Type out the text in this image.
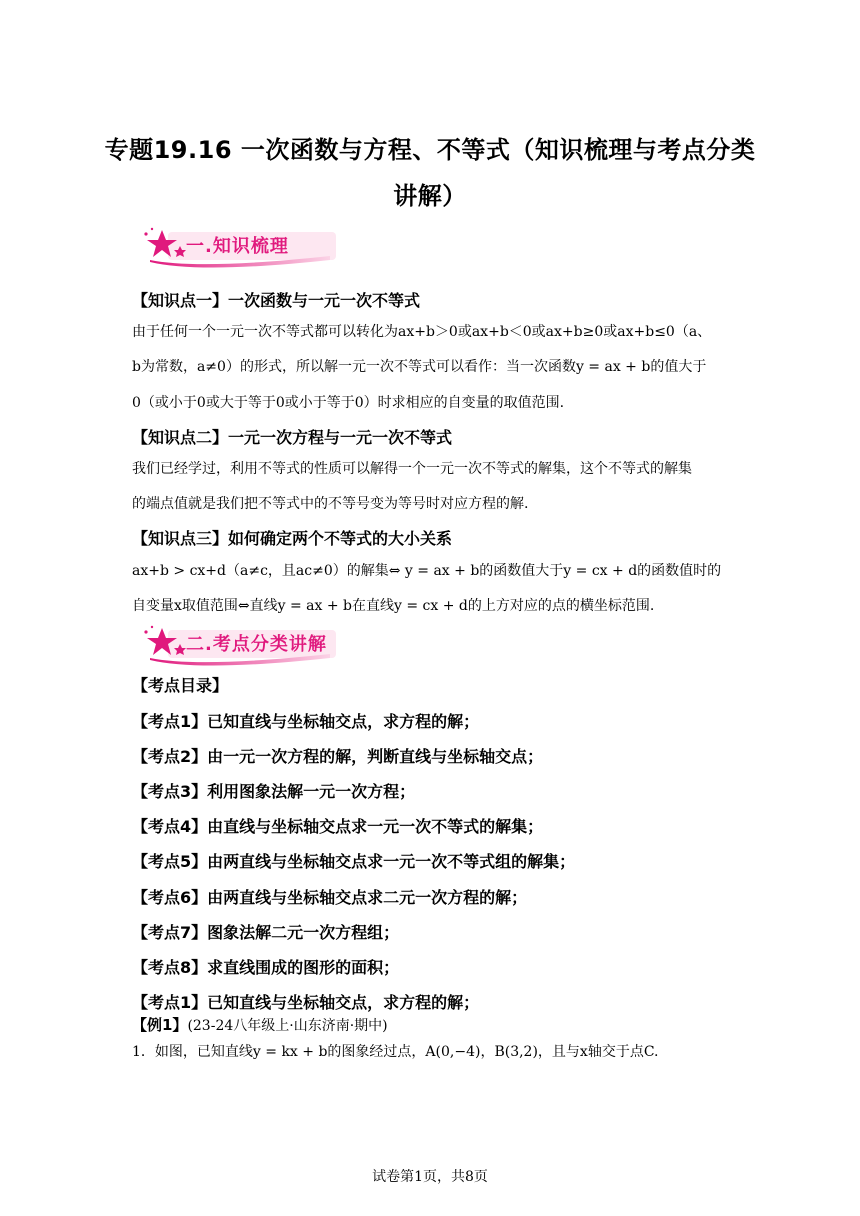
专题19.16 一次函数与方程、不等式（知识梳理与考点分类
讲解）
一.知识梳理
【知识点一】一次函数与一元一次不等式
由于任何一个一元一次不等式都可以转化为ax+b＞0或ax+b＜0或ax+b≥0或ax+b≤0（a、
b为常数，a≠0）的形式，所以解一元一次不等式可以看作：当一次函数y = ax + b的值大于
0（或小于0或大于等于0或小于等于0）时求相应的自变量的取值范围.
【知识点二】一元一次方程与一元一次不等式
我们已经学过，利用不等式的性质可以解得一个一元一次不等式的解集，这个不等式的解集
的端点值就是我们把不等式中的不等号变为等号时对应方程的解.
【知识点三】如何确定两个不等式的大小关系
ax+b > cx+d（a≠c，且ac≠0）的解集⇔ y = ax + b的函数值大于y = cx + d的函数值时的
自变量x取值范围⇔直线y = ax + b在直线y = cx + d的上方对应的点的横坐标范围.
二.考点分类讲解
【考点目录】
【考点1】已知直线与坐标轴交点，求方程的解；
【考点2】由一元一次方程的解，判断直线与坐标轴交点；
【考点3】利用图象法解一元一次方程；
【考点4】由直线与坐标轴交点求一元一次不等式的解集；
【考点5】由两直线与坐标轴交点求一元一次不等式组的解集；
【考点6】由两直线与坐标轴交点求二元一次方程的解；
【考点7】图象法解二元一次方程组；
【考点8】求直线围成的图形的面积；
【考点1】已知直线与坐标轴交点，求方程的解；
【例1】(23-24八年级上·山东济南·期中)
1．如图，已知直线y = kx + b的图象经过点，A(0,−4)，B(3,2)，且与x轴交于点C.
试卷第1页，共8页
